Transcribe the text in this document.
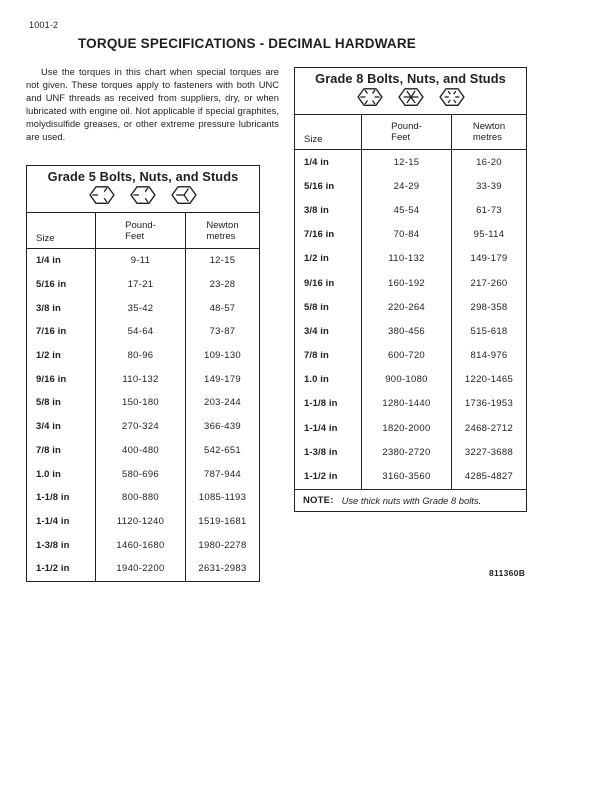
1001-2
TORQUE SPECIFICATIONS - DECIMAL HARDWARE

Use the torques in this chart when special torques are not given. These torques apply to fasteners with both UNC and UNF threads as received from suppliers, dry, or when lubricated with engine oil. Not applicable if special graphites, molydisulfide greases, or other extreme pressure lubricants are used.

Grade 5 Bolts, Nuts, and Studs
Size
Pound-
Feet
Newton
metres
1/4 in	9-11	12-15
5/16 in	17-21	23-28
3/8 in	35-42	48-57
7/16 in	54-64	73-87
1/2 in	80-96	109-130
9/16 in	110-132	149-179
5/8 in	150-180	203-244
3/4 in	270-324	366-439
7/8 in	400-480	542-651
1.0 in	580-696	787-944
1-1/8 in	800-880	1085-1193
1-1/4 in	1120-1240	1519-1681
1-3/8 in	1460-1680	1980-2278
1-1/2 in	1940-2200	2631-2983
Grade 8 Bolts, Nuts, and Studs
Size
Pound-
Feet
Newton
metres
1/4 in	12-15	16-20
5/16 in	24-29	33-39
3/8 in	45-54	61-73
7/16 in	70-84	95-114
1/2 in	110-132	149-179
9/16 in	160-192	217-260
5/8 in	220-264	298-358
3/4 in	380-456	515-618
7/8 in	600-720	814-976
1.0 in	900-1080	1220-1465
1-1/8 in	1280-1440	1736-1953
1-1/4 in	1820-2000	2468-2712
1-3/8 in	2380-2720	3227-3688
1-1/2 in	3160-3560	4285-4827
NOTE: Use thick nuts with Grade 8 bolts.
811360B
